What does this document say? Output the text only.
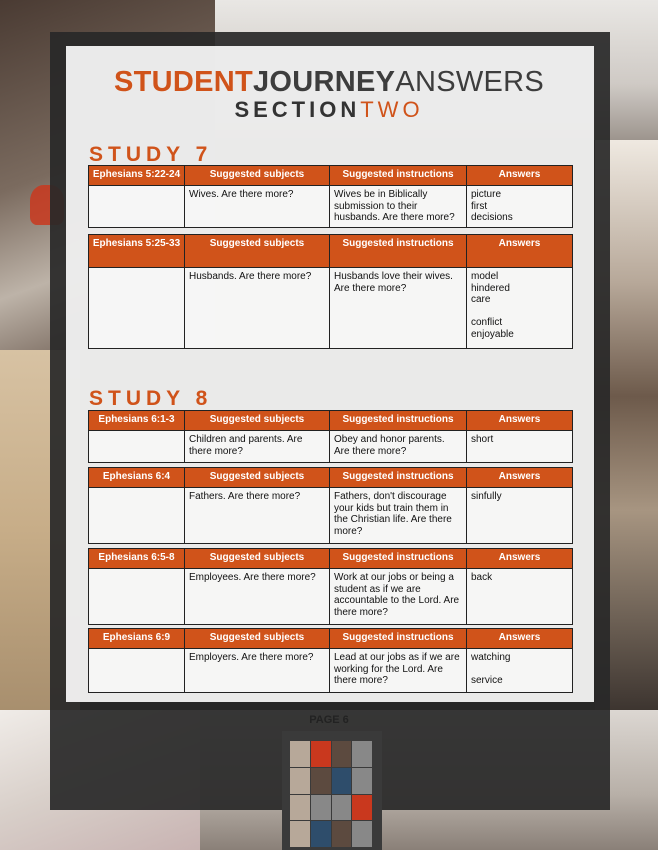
STUDENTJOURNEYANSWERS
SECTIONTWO
STUDY 7
Ephesians 5:22-24	Suggested subjects	Suggested instructions	Answers
	Wives. Are there more?	Wives be in Biblically
submission to their
husbands. Are there more?	picture
first
decisions
Ephesians 5:25-33	Suggested subjects	Suggested instructions	Answers
	Husbands. Are there more?	Husbands love their wives.
Are there more?	model
hindered
care

conflict
enjoyable
STUDY 8
Ephesians 6:1-3	Suggested subjects	Suggested instructions	Answers
	Children and parents. Are
there more?	Obey and honor parents.
Are there more?	short
Ephesians 6:4	Suggested subjects	Suggested instructions	Answers
	Fathers. Are there more?	Fathers, don't discourage
your kids but train them in
the Christian life. Are there
more?	sinfully
Ephesians 6:5-8	Suggested subjects	Suggested instructions	Answers
	Employees. Are there more?	Work at our jobs or being a
student as if we are
accountable to the Lord. Are
there more?	back
Ephesians 6:9	Suggested subjects	Suggested instructions	Answers
	Employers. Are there more?	Lead at our jobs as if we are
working for the Lord. Are
there more?	watching

service
PAGE 6
